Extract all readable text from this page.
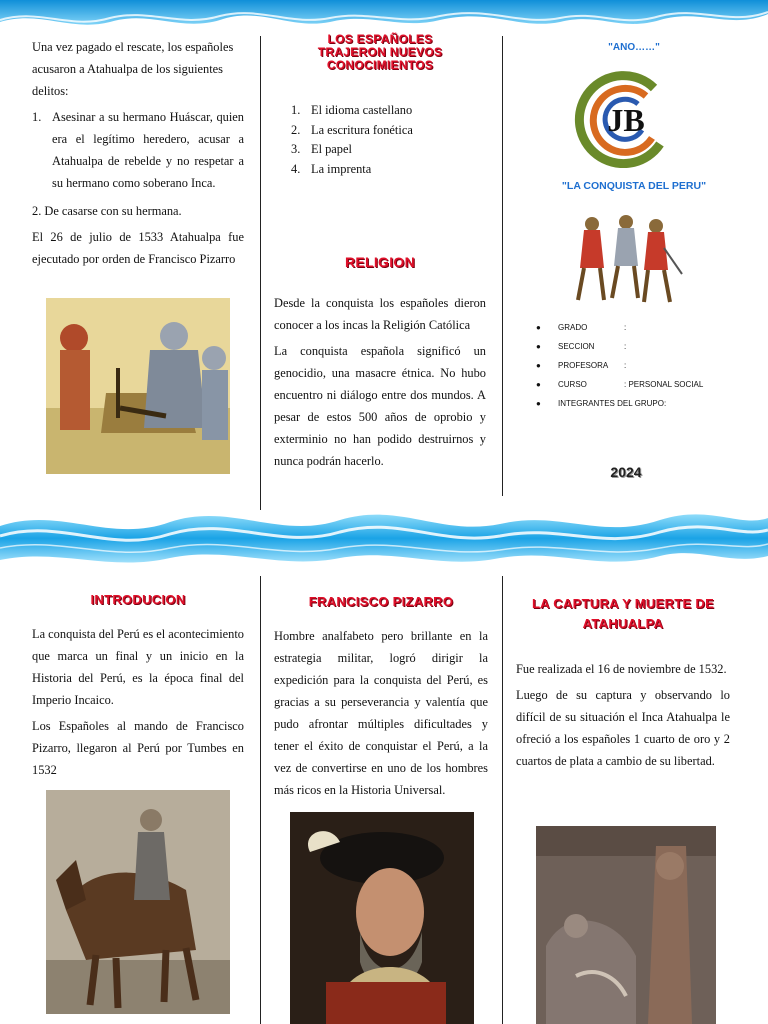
Una vez pagado el rescate, los españoles acusaron a Atahualpa de los siguientes delitos:

1. Asesinar a su hermano Huáscar, quien era el legítimo heredero, acusar a Atahualpa de rebelde y no respetar a su hermano como soberano Inca.

2. De casarse con su hermana.

El 26 de julio de 1533 Atahualpa fue ejecutado por orden de Francisco Pizarro

LOS ESPAÑOLES TRAJERON NUEVOS CONOCIMIENTOS
1. El idioma castellano
2. La escritura fonética
3. El papel
4. La imprenta
RELIGION

Desde la conquista los españoles dieron conocer a los incas la Religión Católica

La conquista española significó un genocidio, una masacre étnica. No hubo encuentro ni diálogo entre dos mundos. A pesar de estos 500 años de oprobio y exterminio no han podido destruirnos y nunca podrán hacerlo.

"ANO……"
JB
"LA CONQUISTA DEL PERU"
●	GRADO	:
●	SECCION	:
●	PROFESORA	:
●	CURSO	: PERSONAL SOCIAL
●	INTEGRANTES DEL GRUPO:
2024
INTRODUCION

La conquista del Perú es el acontecimiento que marca un final y un inicio en la Historia del Perú, es la época final del Imperio Incaico.

Los Españoles al mando de Francisco Pizarro, llegaron al Perú por Tumbes en 1532

FRANCISCO PIZARRO

Hombre analfabeto pero brillante en la estrategia militar, logró dirigir la expedición para la conquista del Perú, es gracias a su perseverancia y valentía que pudo afrontar múltiples dificultades y tener el éxito de conquistar el Perú, a la vez de convertirse en uno de los hombres más ricos en la Historia Universal.

LA CAPTURA Y MUERTE DE ATAHUALPA

Fue realizada el 16 de noviembre de 1532.

Luego de su captura y observando lo difícil de su situación el Inca Atahualpa le ofreció a los españoles 1 cuarto de oro y 2 cuartos de plata a cambio de su libertad.
